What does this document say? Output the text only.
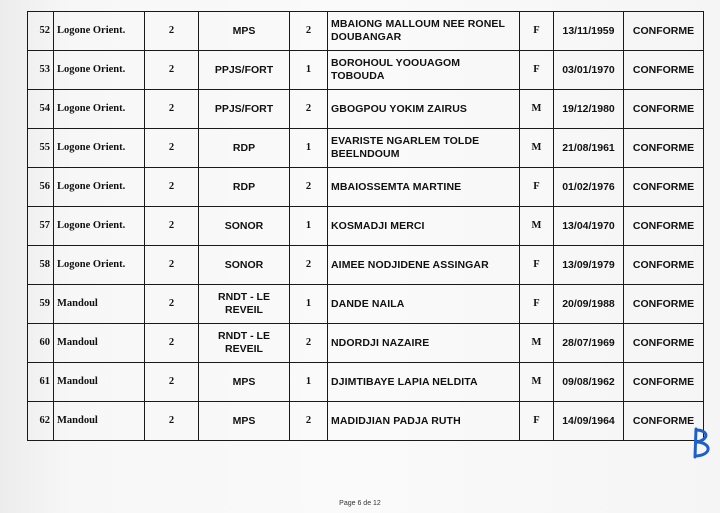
52	Logone Orient.	2	MPS	2	MBAIONG MALLOUM NEE RONEL DOUBANGAR	F	13/11/1959	CONFORME
53	Logone Orient.	2	PPJS/FORT	1	BOROHOUL YOOUAGOM TOBOUDA	F	03/01/1970	CONFORME
54	Logone Orient.	2	PPJS/FORT	2	GBOGPOU YOKIM ZAIRUS	M	19/12/1980	CONFORME
55	Logone Orient.	2	RDP	1	EVARISTE NGARLEM TOLDE BEELNDOUM	M	21/08/1961	CONFORME
56	Logone Orient.	2	RDP	2	MBAIOSSEMTA MARTINE	F	01/02/1976	CONFORME
57	Logone Orient.	2	SONOR	1	KOSMADJI MERCI	M	13/04/1970	CONFORME
58	Logone Orient.	2	SONOR	2	AIMEE NODJIDENE ASSINGAR	F	13/09/1979	CONFORME
59	Mandoul	2	RNDT - LE REVEIL	1	DANDE NAILA	F	20/09/1988	CONFORME
60	Mandoul	2	RNDT - LE REVEIL	2	NDORDJI NAZAIRE	M	28/07/1969	CONFORME
61	Mandoul	2	MPS	1	DJIMTIBAYE LAPIA NELDITA	M	09/08/1962	CONFORME
62	Mandoul	2	MPS	2	MADIDJIAN PADJA RUTH	F	14/09/1964	CONFORME
Page 6 de 12
